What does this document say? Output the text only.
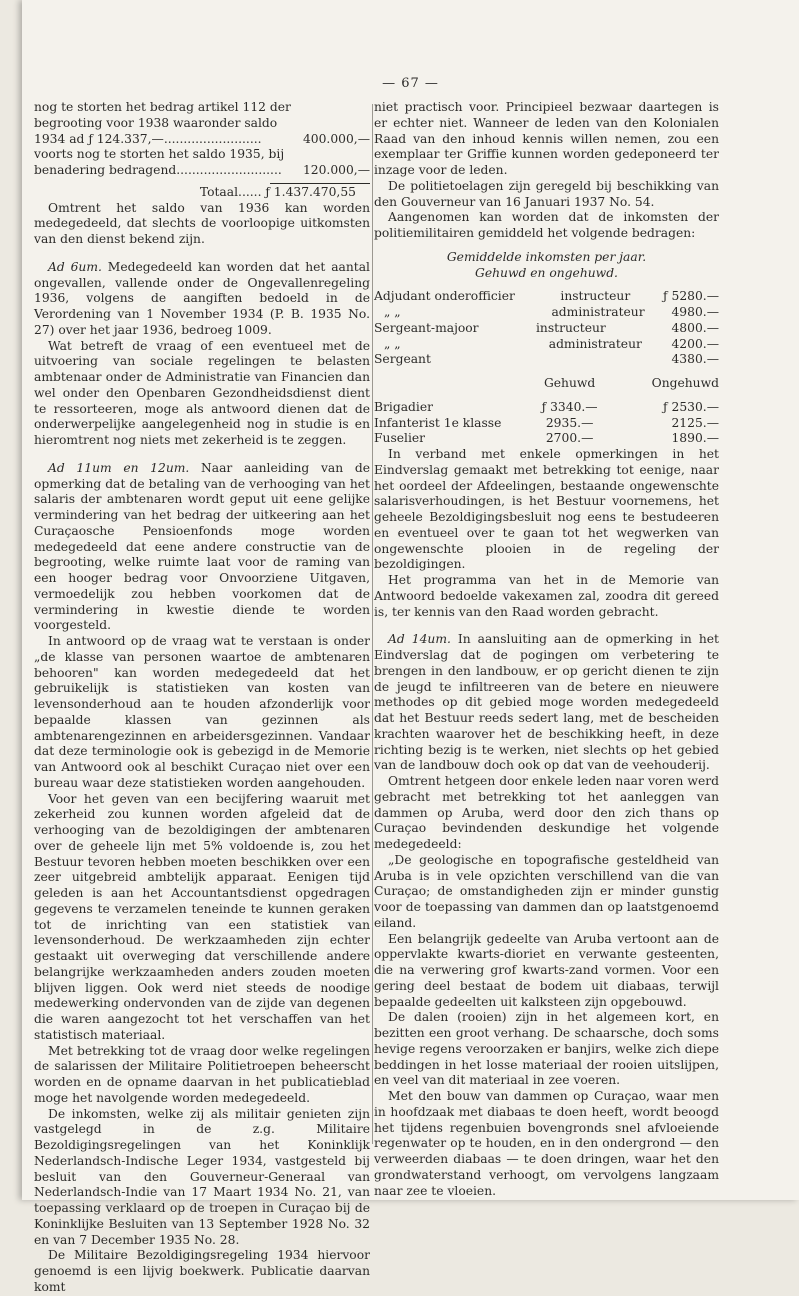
— 67 —

nog te storten het bedrag artikel 112 der

begrooting voor 1938 waaronder saldo

1934 ad ƒ 124.337,—.........................	400.000,—

voorts nog te storten het saldo 1935, bij

benadering bedragend........................... 120.000,—

Totaal...... ƒ 1.437.470,55

Omtrent het saldo van 1936 kan worden medegedeeld, dat slechts de voorloopige uitkomsten van den dienst bekend zijn.

Ad 6um. Medegedeeld kan worden dat het aantal ongevallen, vallende onder de Ongevallenregeling 1936, volgens de aangiften bedoeld in de Verordening van 1 November 1934 (P. B. 1935 No. 27) over het jaar 1936, bedroeg 1009.

Wat betreft de vraag of een eventueel met de uitvoering van sociale regelingen te belasten ambtenaar onder de Administratie van Financien dan wel onder den Openbaren Gezondheidsdienst dient te ressorteeren, moge als antwoord dienen dat de onderwerpelijke aangelegenheid nog in studie is en hieromtrent nog niets met zekerheid is te zeggen.

Ad 11um en 12um. Naar aanleiding van de opmerking dat de betaling van de verhooging van het salaris der ambtenaren wordt geput uit eene gelijke vermindering van het bedrag der uitkeering aan het Curaçaosche Pensioenfonds moge worden medegedeeld dat eene andere constructie van de begrooting, welke ruimte laat voor de raming van een hooger bedrag voor Onvoorziene Uitgaven, vermoedelijk zou hebben voorkomen dat de vermindering in kwestie diende te worden voorgesteld.

In antwoord op de vraag wat te verstaan is onder „de klasse van personen waartoe de ambtenaren behooren" kan worden medegedeeld dat het gebruikelijk is statistieken van kosten van levensonderhoud aan te houden afzonderlijk voor bepaalde klassen van gezinnen als ambtenarengezinnen en arbeidersgezinnen. Vandaar dat deze terminologie ook is gebezigd in de Memorie van Antwoord ook al beschikt Curaçao niet over een bureau waar deze statistieken worden aangehouden.

Voor het geven van een becijfering waaruit met zekerheid zou kunnen worden afgeleid dat de verhooging van de bezoldigingen der ambtenaren over de geheele lijn met 5% voldoende is, zou het Bestuur tevoren hebben moeten beschikken over een zeer uitgebreid ambtelijk apparaat. Eenigen tijd geleden is aan het Accountantsdienst opgedragen gegevens te verzamelen teneinde te kunnen geraken tot de inrichting van een statistiek van levensonderhoud. De werkzaamheden zijn echter gestaakt uit overweging dat verschillende andere belangrijke werkzaamheden anders zouden moeten blijven liggen. Ook werd niet steeds de noodige medewerking ondervonden van de zijde van degenen die waren aangezocht tot het verschaffen van het statistisch materiaal.

Met betrekking tot de vraag door welke regelingen de salarissen der Militaire Politietroepen beheerscht worden en de opname daarvan in het publicatieblad moge het navolgende worden medegedeeld.

De inkomsten, welke zij als militair genieten zijn vastgelegd in de z.g. Militaire Bezoldigingsregelingen van het Koninklijk Nederlandsch-Indische Leger 1934, vastgesteld bij besluit van den Gouverneur-Generaal van Nederlandsch-Indie van 17 Maart 1934 No. 21, van toepassing verklaard op de troepen in Curaçao bij de Koninklijke Besluiten van 13 September 1928 No. 32 en van 7 December 1935 No. 28.

De Militaire Bezoldigingsregeling 1934 hiervoor genoemd is een lijvig boekwerk. Publicatie daarvan komt

niet practisch voor. Principieel bezwaar daartegen is er echter niet. Wanneer de leden van den Kolonialen Raad van den inhoud kennis willen nemen, zou een exemplaar ter Griffie kunnen worden gedeponeerd ter inzage voor de leden.

De politietoelagen zijn geregeld bij beschikking van den Gouverneur van 16 Januari 1937 No. 54.

Aangenomen kan worden dat de inkomsten der politiemilitairen gemiddeld het volgende bedragen:

Gemiddelde inkomsten per jaar.

Gehuwd en ongehuwd.

Adjudant onderofficier	instructeur	ƒ 5280.—
„ „	administrateur	4980.—
Sergeant-majoor	instructeur	4800.—
„ „	administrateur	4200.—
Sergeant		4380.—
	Gehuwd	Ongehuwd

Brigadier	ƒ 3340.—	ƒ 2530.—
Infanterist 1e klasse	2935.—	2125.—
Fuselier	2700.—	1890.—

In verband met enkele opmerkingen in het Eindverslag gemaakt met betrekking tot eenige, naar het oordeel der Afdeelingen, bestaande ongewenschte salarisverhoudingen, is het Bestuur voornemens, het geheele Bezoldigingsbesluit nog eens te bestudeeren en eventueel over te gaan tot het wegwerken van ongewenschte plooien in de regeling der bezoldigingen.

Het programma van het in de Memorie van Antwoord bedoelde vakexamen zal, zoodra dit gereed is, ter kennis van den Raad worden gebracht.

Ad 14um. In aansluiting aan de opmerking in het Eindverslag dat de pogingen om verbetering te brengen in den landbouw, er op gericht dienen te zijn de jeugd te infiltreeren van de betere en nieuwere methodes op dit gebied moge worden medegedeeld dat het Bestuur reeds sedert lang, met de bescheiden krachten waarover het de beschikking heeft, in deze richting bezig is te werken, niet slechts op het gebied van de landbouw doch ook op dat van de veehouderij.

Omtrent hetgeen door enkele leden naar voren werd gebracht met betrekking tot het aanleggen van dammen op Aruba, werd door den zich thans op Curaçao bevindenden deskundige het volgende medegedeeld:

„De geologische en topografische gesteldheid van Aruba is in vele opzichten verschillend van die van Curaçao; de omstandigheden zijn er minder gunstig voor de toepassing van dammen dan op laatstgenoemd eiland.

Een belangrijk gedeelte van Aruba vertoont aan de oppervlakte kwarts-dioriet en verwante gesteenten, die na verwering grof kwarts-zand vormen. Voor een gering deel bestaat de bodem uit diabaas, terwijl bepaalde gedeelten uit kalksteen zijn opgebouwd.

De dalen (rooien) zijn in het algemeen kort, en bezitten een groot verhang. De schaarsche, doch soms hevige regens veroorzaken er banjirs, welke zich diepe beddingen in het losse materiaal der rooien uitslijpen, en veel van dit materiaal in zee voeren.

Met den bouw van dammen op Curaçao, waar men in hoofdzaak met diabaas te doen heeft, wordt beoogd het tijdens regenbuien bovengronds snel afvloeiende regenwater op te houden, en in den ondergrond — den verweerden diabaas — te doen dringen, waar het den grondwaterstand verhoogt, om vervolgens langzaam naar zee te vloeien.
